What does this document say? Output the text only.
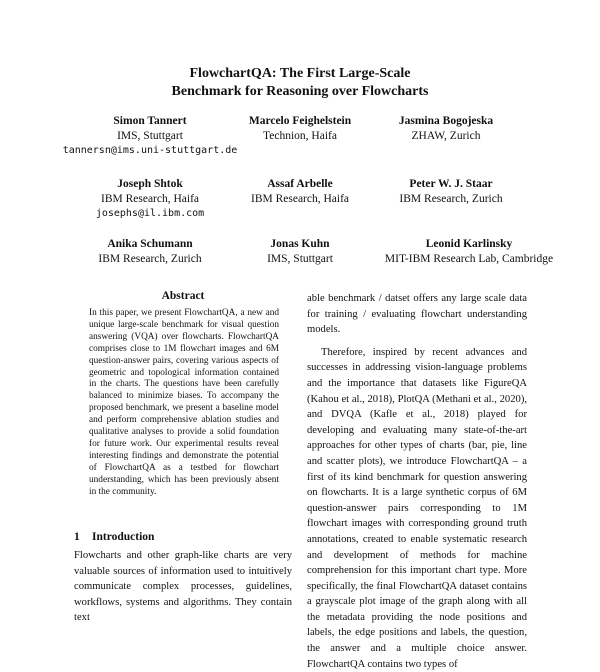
FlowchartQA: The First Large-Scale
Benchmark for Reasoning over Flowcharts
Simon Tannert
IMS, Stuttgart
tannersn@ims.uni-stuttgart.de
Marcelo Feighelstein
Technion, Haifa
Jasmina Bogojeska
ZHAW, Zurich
Joseph Shtok
IBM Research, Haifa
josephs@il.ibm.com
Assaf Arbelle
IBM Research, Haifa
Peter W. J. Staar
IBM Research, Zurich
Anika Schumann
IBM Research, Zurich
Jonas Kuhn
IMS, Stuttgart
Leonid Karlinsky
MIT-IBM Research Lab, Cambridge
Abstract

In this paper, we present FlowchartQA, a new and unique large-scale benchmark for visual question answering (VQA) over flowcharts. FlowchartQA comprises close to 1M flowchart images and 6M question-answer pairs, covering various aspects of geometric and topological information contained in the charts. The questions have been carefully balanced to minimize biases. To accompany the proposed benchmark, we present a baseline model and perform comprehensive ablation studies and qualitative analyses to provide a solid foundation for future work. Our experimental results reveal interesting findings and demonstrate the potential of FlowchartQA as a testbed for flowchart understanding, which has been previously absent in the community.

1 Introduction

Flowcharts and other graph-like charts are very valuable sources of information used to intuitively communicate complex processes, guidelines, workflows, systems and algorithms. They contain text

able benchmark / datset offers any large scale data for training / evaluating flowchart understanding models.

Therefore, inspired by recent advances and successes in addressing vision-language problems and the importance that datasets like FigureQA (Kahou et al., 2018), PlotQA (Methani et al., 2020), and DVQA (Kafle et al., 2018) played for developing and evaluating many state-of-the-art approaches for other types of charts (bar, pie, line and scatter plots), we introduce FlowchartQA – a first of its kind benchmark for question answering on flowcharts. It is a large synthetic corpus of 6M question-answer pairs corresponding to 1M flowchart images with corresponding ground truth annotations, created to enable systematic research and development of methods for machine comprehension for this important chart type. More specifically, the final FlowchartQA dataset contains a grayscale plot image of the graph along with all the metadata providing the node positions and labels, the edge positions and labels, the question, the answer and a multiple choice answer. FlowchartQA contains two types of
